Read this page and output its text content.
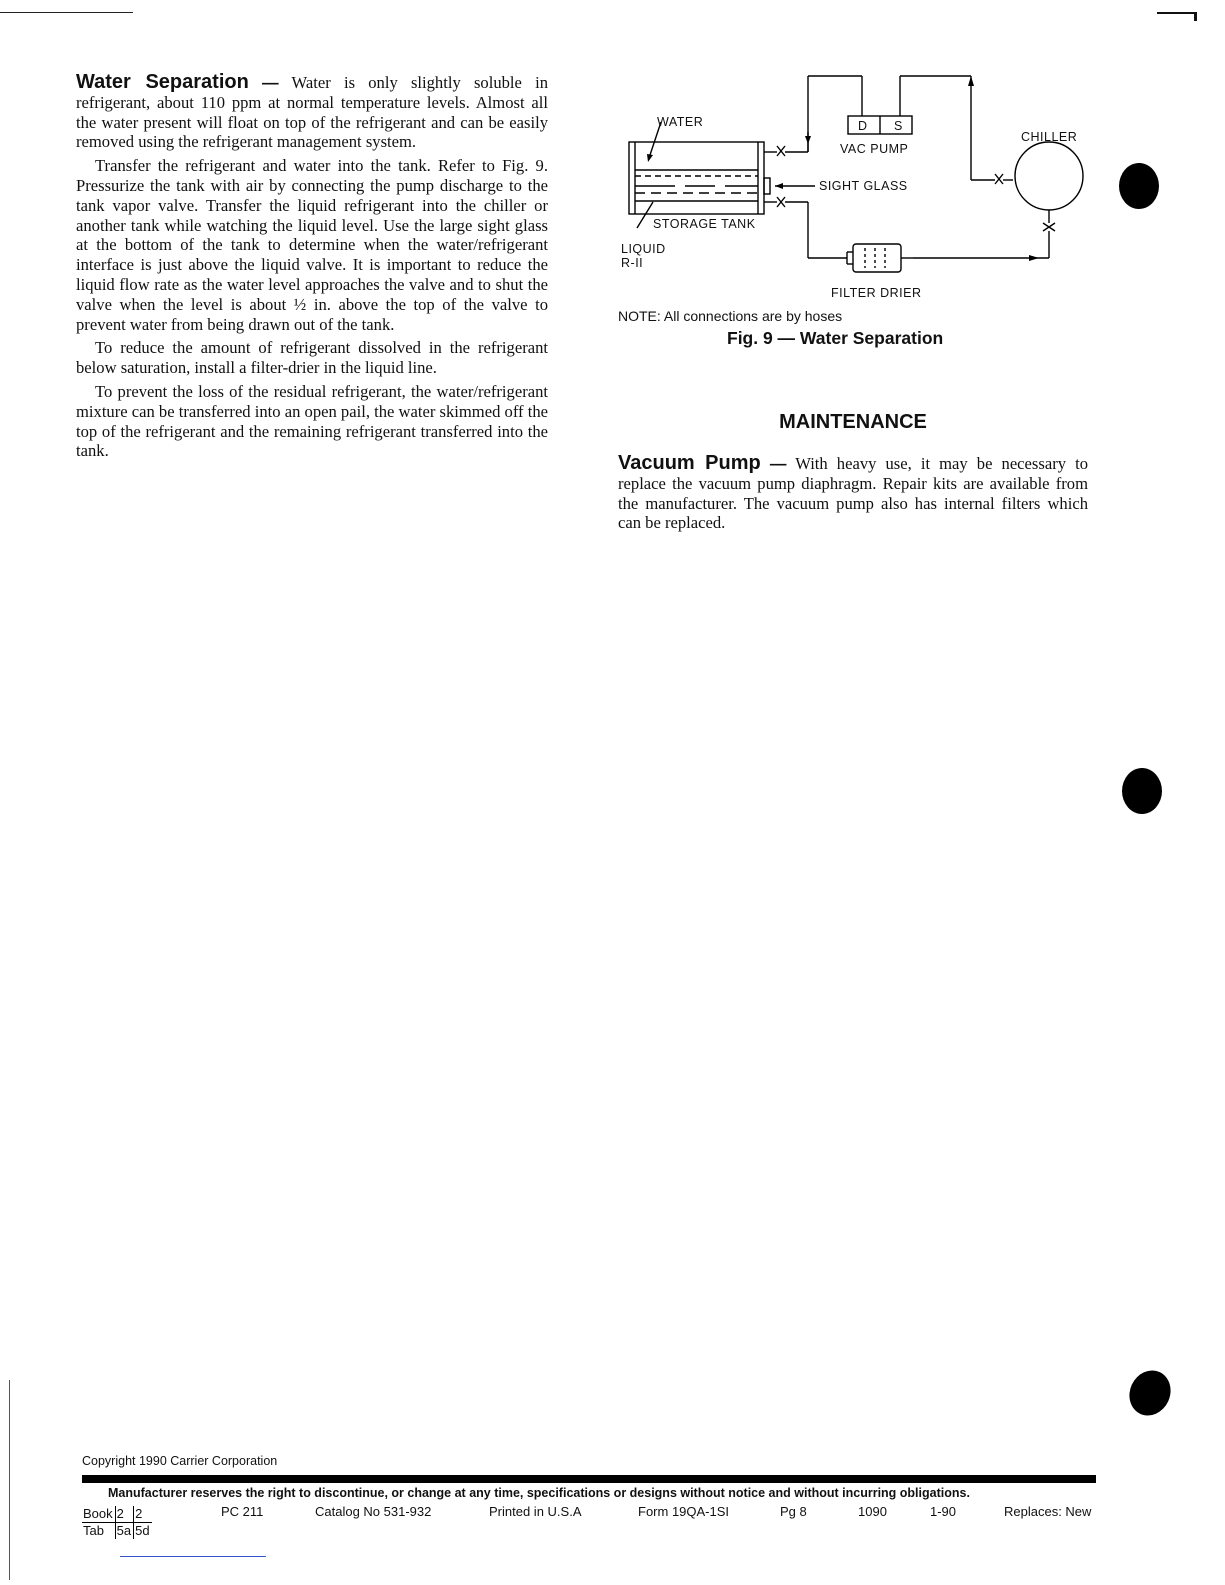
Water Separation — Water is only slightly soluble in refrigerant, about 110 ppm at normal temperature levels. Almost all the water present will float on top of the refrigerant and can be easily removed using the refrigerant management system.

Transfer the refrigerant and water into the tank. Refer to Fig. 9. Pressurize the tank with air by connecting the pump discharge to the tank vapor valve. Transfer the liquid refrigerant into the chiller or another tank while watching the liquid level. Use the large sight glass at the bottom of the tank to determine when the water/refrigerant interface is just above the liquid valve. It is important to reduce the liquid flow rate as the water level approaches the valve and to shut the valve when the level is about ½ in. above the top of the valve to prevent water from being drawn out of the tank.

To reduce the amount of refrigerant dissolved in the refrigerant below saturation, install a filter-drier in the liquid line.

To prevent the loss of the residual refrigerant, the water/refrigerant mixture can be transferred into an open pail, the water skimmed off the top of the refrigerant and the remaining refrigerant transferred into the tank.

WATER	D S
VAC PUMP
CHILLER
SIGHT GLASS
STORAGE TANK
LIQUID
R-II
FILTER DRIER
NOTE: All connections are by hoses
Fig. 9 — Water Separation
MAINTENANCE

Vacuum Pump — With heavy use, it may be necessary to replace the vacuum pump diaphragm. Repair kits are available from the manufacturer. The vacuum pump also has internal filters which can be replaced.

Copyright 1990 Carrier Corporation
Manufacturer reserves the right to discontinue, or change at any time, specifications or designs without notice and without incurring obligations.
Book	2	2
Tab	5a	5d
PC 211	Catalog No 531-932	Printed in U.S.A	Form 19QA-1SI	Pg 8	1090	1-90	Replaces: New
